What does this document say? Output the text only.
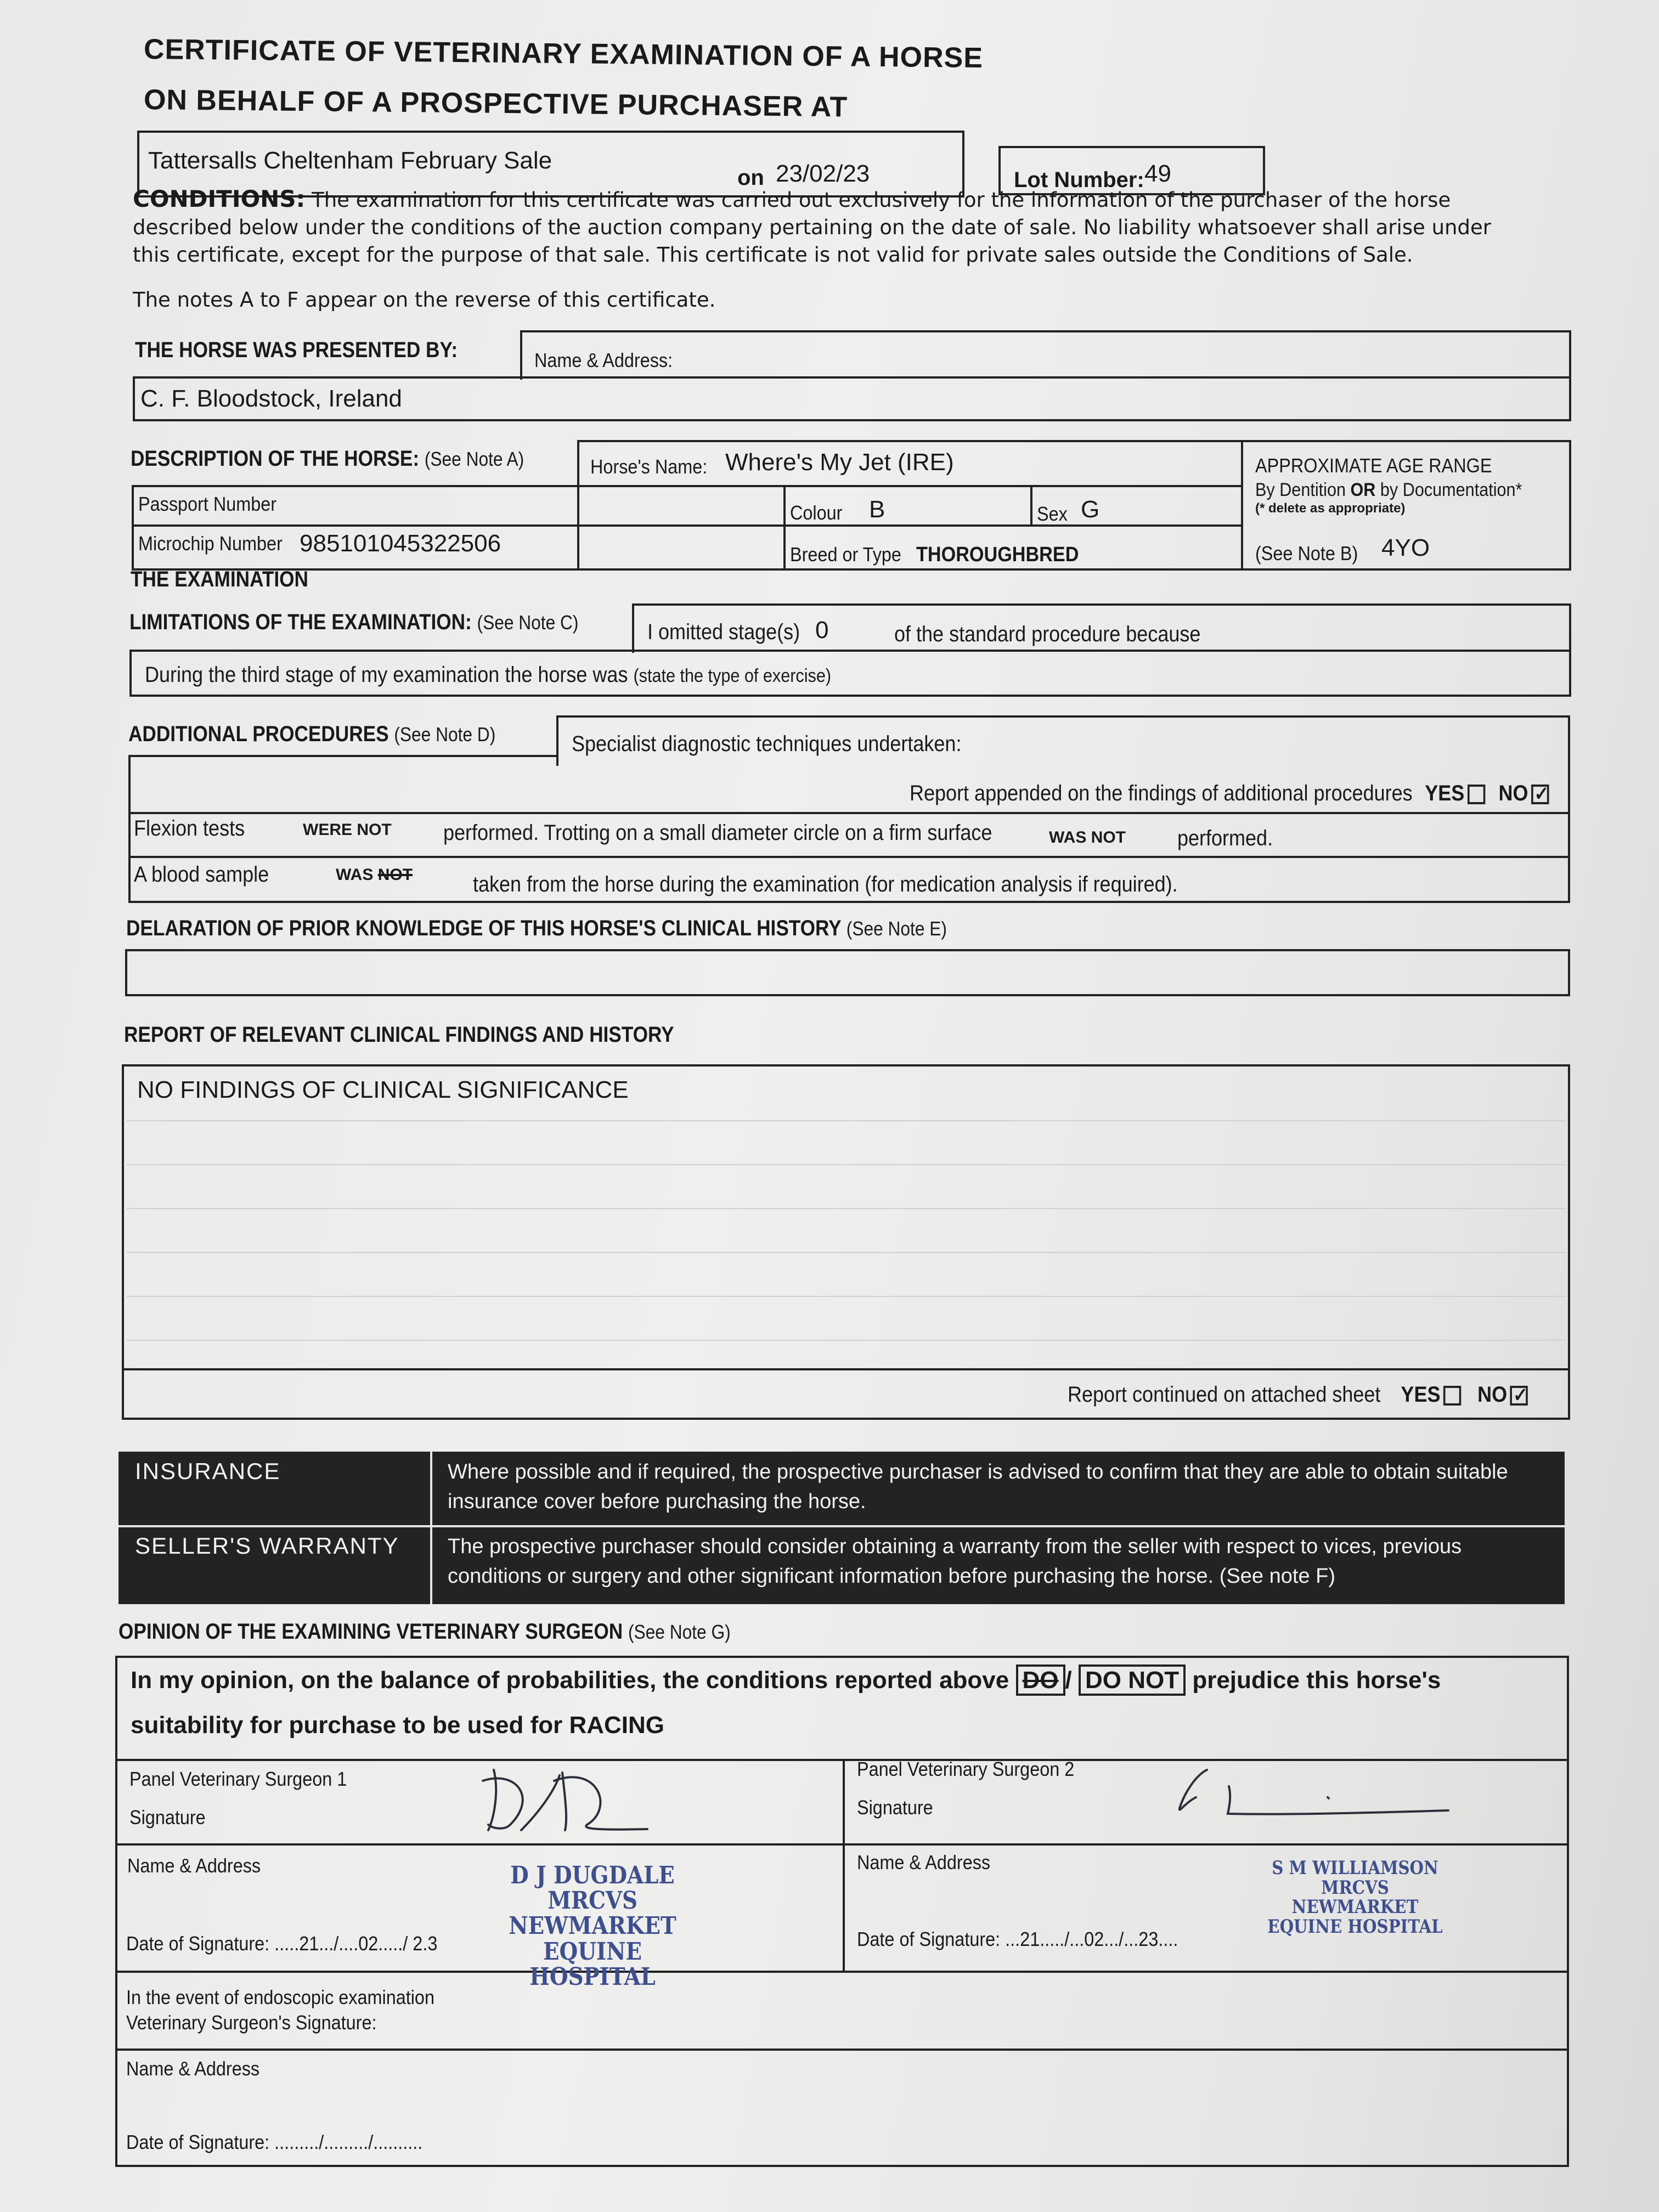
CERTIFICATE OF VETERINARY EXAMINATION OF A HORSE
ON BEHALF OF A PROSPECTIVE PURCHASER AT
Tattersalls Cheltenham February Sale
on 23/02/23	Lot Number: 49
CONDITIONS: The examination for this certificate was carried out exclusively for the information of the purchaser of the horse described below under the conditions of the auction company pertaining on the date of sale. No liability whatsoever shall arise under this certificate, except for the purpose of that sale. This certificate is not valid for private sales outside the Conditions of Sale.
The notes A to F appear on the reverse of this certificate.
THE HORSE WAS PRESENTED BY:	Name & Address:
C. F. Bloodstock, Ireland
DESCRIPTION OF THE HORSE: (See Note A)	Horse's Name: Where's My Jet (IRE)
Passport Number	Colour B	Sex G
Microchip Number 985101045322506	Breed or Type THOROUGHBRED
APPROXIMATE AGE RANGE
By Dentition OR by Documentation*
(* delete as appropriate)
(See Note B) 4YO
THE EXAMINATION
LIMITATIONS OF THE EXAMINATION: (See Note C)	I omitted stage(s) 0	of the standard procedure because
During the third stage of my examination the horse was (state the type of exercise)
Specialist diagnostic techniques undertaken:
ADDITIONAL PROCEDURES (See Note D)
Report appended on the findings of additional procedures YES NO✓
Flexion tests	WERE NOT performed. Trotting on a small diameter circle on a firm surface	WAS NOT performed.
A blood sample	WAS NOT	taken from the horse during the examination (for medication analysis if required).
DELARATION OF PRIOR KNOWLEDGE OF THIS HORSE'S CLINICAL HISTORY (See Note E)
REPORT OF RELEVANT CLINICAL FINDINGS AND HISTORY
NO FINDINGS OF CLINICAL SIGNIFICANCE
Report continued on attached sheet YES NO✓
INSURANCE	Where possible and if required, the prospective purchaser is advised to confirm that they are able to obtain suitable insurance cover before purchasing the horse.
SELLER'S WARRANTY The prospective purchaser should consider obtaining a warranty from the seller with respect to vices, previous conditions or surgery and other significant information before purchasing the horse. (See note F)
OPINION OF THE EXAMINING VETERINARY SURGEON (See Note G)
In my opinion, on the balance of probabilities, the conditions reported above DO / DO NOT prejudice this horse's
suitability for purchase to be used for RACING
Panel Veterinary Surgeon 1
Signature
Name & Address	D J DUGDALE MRCVS
NEWMARKET
EQUINE HOSPITAL
Date of Signature: .....21.../....02...../ 2.3
Panel Veterinary Surgeon 2
Signature
Name & Address	S M WILLIAMSON MRCVS
NEWMARKET
EQUINE HOSPITAL
Date of Signature: ...21...../...02.../...23....
In the event of endoscopic examination
Veterinary Surgeon's Signature:
Name & Address
Date of Signature: ........./........./..........
